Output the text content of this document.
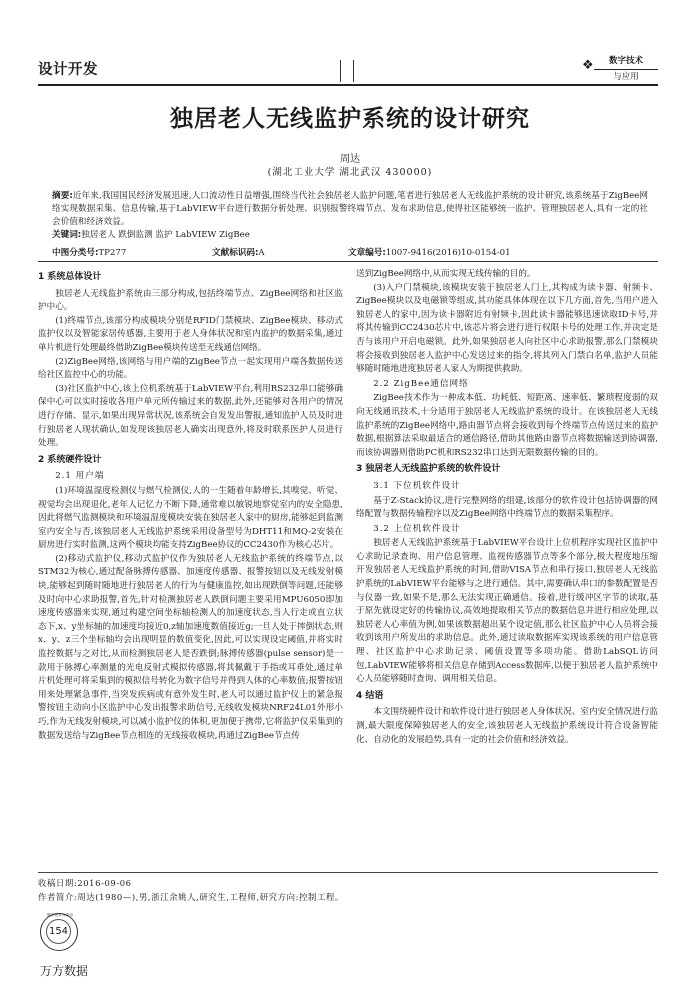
设计开发	❖	数字技术
与应用
独居老人无线监护系统的设计研究
周达
(湖北工业大学 湖北武汉 430000)
摘要:近年来,我国国民经济发展迅速,人口流动性日益增强,围绕当代社会独居老人监护问题,笔者进行独居老人无线监护系统的设计研究,该系统基于ZigBee网络实现数据采集、信息传输,基于LabVIEW平台进行数据分析处理、识别报警终端节点、发布求助信息,使得社区能够统一监护、管理独居老人,具有一定的社会价值和经济效益。
关键词:独居老人 跌倒监测 监护 LabVIEW ZigBee
中图分类号:TP277	文献标识码:A	文章编号:1007-9416(2016)10-0154-01
1 系统总体设计

独居老人无线监护系统由三部分构成,包括终端节点、ZigBee网络和社区监护中心。

(1)终端节点,该部分构成模块分别是RFID门禁模块、ZigBee模块、移动式监护仪以及智能家居传感器,主要用于老人身体状况和室内监护的数据采集,通过单片机进行处理最终借助ZigBee模块传送至无线通信网络。

(2)ZigBee网络,该网络与用户端的ZigBee节点一起实现用户端各数据传送给社区监控中心的功能。

(3)社区监护中心,该上位机系统基于LabVIEW平台,利用RS232串口能够确保中心可以实时接收各用户单元所传输过来的数据,此外,还能够对各用户的情况进行存储、显示,如果出现异常状况,该系统会自发发出警报,通知监护人员及时进行独居老人现状确认,如发现该独居老人确实出现意外,将及时联系医护人员进行处理。

2 系统硬件设计
2.1 用户端

(1)环境温湿度检测仪与燃气检测仪,人的一生随着年龄增长,其嗅觉、听觉、视觉均会出现退化,老年人记忆力不断下降,通常难以敏锐地察觉室内的安全隐患,因此将燃气监测模块和环境温湿度模块安装在独居老人家中的厨房,能够起到监测室内安全与否,该独居老人无线监护系统采用设备型号为DHT11和MQ-2安装在厨房进行实时监测,这两个模块均能支持ZigBee协议的CC2430作为核心芯片。

(2)移动式监护仪,移动式监护仪作为独居老人无线监护系统的终端节点,以STM32为核心,通过配备脉搏传感器、加速度传感器、报警按钮以及无线发射模块,能够起到随时随地进行独居老人的行为与健康监控,如出现跌倒等问题,还能够及时向中心求助报警,首先,针对检测独居老人跌倒问题主要采用MPU6050即加速度传感器来实现,通过构建空间坐标轴检测人的加速度状态,当人行走或直立状态下,x、y坐标轴的加速度均接近0,z轴加速度数值接近g;一旦人处于摔倒状态,则x、y、z三个坐标轴均会出现明显的数值变化,因此,可以实现设定阈值,并将实时监控数据与之对比,从而检测独居老人是否跌倒;脉搏传感器(pulse sensor)是一款用于脉搏心率测量的光电反射式模拟传感器,将其佩戴于手指或耳垂处,通过单片机处理可将采集到的模拟信号转化为数字信号并得到人体的心率数值;报警按钮用来处理紧急事件,当突发疾病或有意外发生时,老人可以通过监护仪上的紧急报警按钮主动向小区监护中心发出报警求助信号,无线收发模块NRF24L01外形小巧,作为无线发射模块,可以减小监护仪的体积,更加便于携带,它将监护仪采集到的数据发送给与ZigBee节点相连的无线接收模块,再通过ZigBee节点传

送到ZigBee网络中,从而实现无线传输的目的。

(3)入户门禁模块,该模块安装于独居老人门上,其构成为读卡器、射频卡、ZigBee模块以及电磁锁等组成,其功能具体体现在以下几方面,首先,当用户进入独居老人的家中,因为读卡器附近有射频卡,因此读卡器能够迅速读取ID卡号,并将其传输到CC2430芯片中,该芯片将会进行进行权限卡号的处理工作,并决定是否与该用户开启电磁锁。此外,如果独居老人向社区中心求助报警,那么门禁模块将会接收到独居老人监护中心发送过来的指令,将其列入门禁白名单,监护人员能够随时随地进度独居老人家人为期提供救助。

2.2 ZigBee通信网络

ZigBee技术作为一种成本低、功耗低、短距离、速率低、繁琐程度弱的双向无线通讯技术,十分适用于独居老人无线监护系统的设计。在该独居老人无线监护系统的ZigBee网络中,路由器节点将会接收到每个终端节点传送过来的监护数据,根据算法采取最适合的通信路径,借助其他路由器节点将数据输送到协调器,而该协调器则借助PC机和RS232串口达到无限数据传输的目的。

3 独居老人无线监护系统的软件设计
3.1 下位机软件设计

基于Z-Stack协议,进行完整网络的组建,该部分的软件设计包括协调器的网络配置与数据传输程序以及ZigBee网络中终端节点的数据采集程序。

3.2 上位机软件设计

独居老人无线监护系统基于LabVIEW平台设计上位机程序实现社区监护中心求助记录查询、用户信息管理、监视传感器节点等多个部分,极大程度地压缩开发独居老人无线监护系统的时间,借助VISA节点和串行接口,独居老人无线监护系统的LabVIEW平台能够与之进行通信。其中,需要确认串口的参数配置是否与仪器一致,如果不是,那么无法实现正确通信。接着,进行缓冲区字节的读取,基于原先就设定好的传输协议,高效地提取相关节点的数据信息并进行相应处理,以独居老人心率值为例,如果该数据超出某个设定值,那么社区监护中心人员将会接收到该用户所发出的求助信息。此外,通过读取数据库实现该系统的用户信息管理、社区监护中心求助记录、阈值设置等多项功能。借助LabSQL访问包,LabVIEW能够将相关信息存储到Access数据库,以便于独居老人监护系统中心人员能够随时查询、调用相关信息。

4 结语

本文围绕硬件设计和软件设计进行独居老人身体状况、室内安全情况进行监测,最大限度保障独居老人的安全,该独居老人无线监护系统设计符合设备智能化、自动化的发展趋势,具有一定的社会价值和经济效益。

收稿日期:2016-09-06
作者简介:周达(1980—),男,浙江余姚人,研究生,工程师,研究方向:控制工程。
数字技术与应用
154
万方数据
